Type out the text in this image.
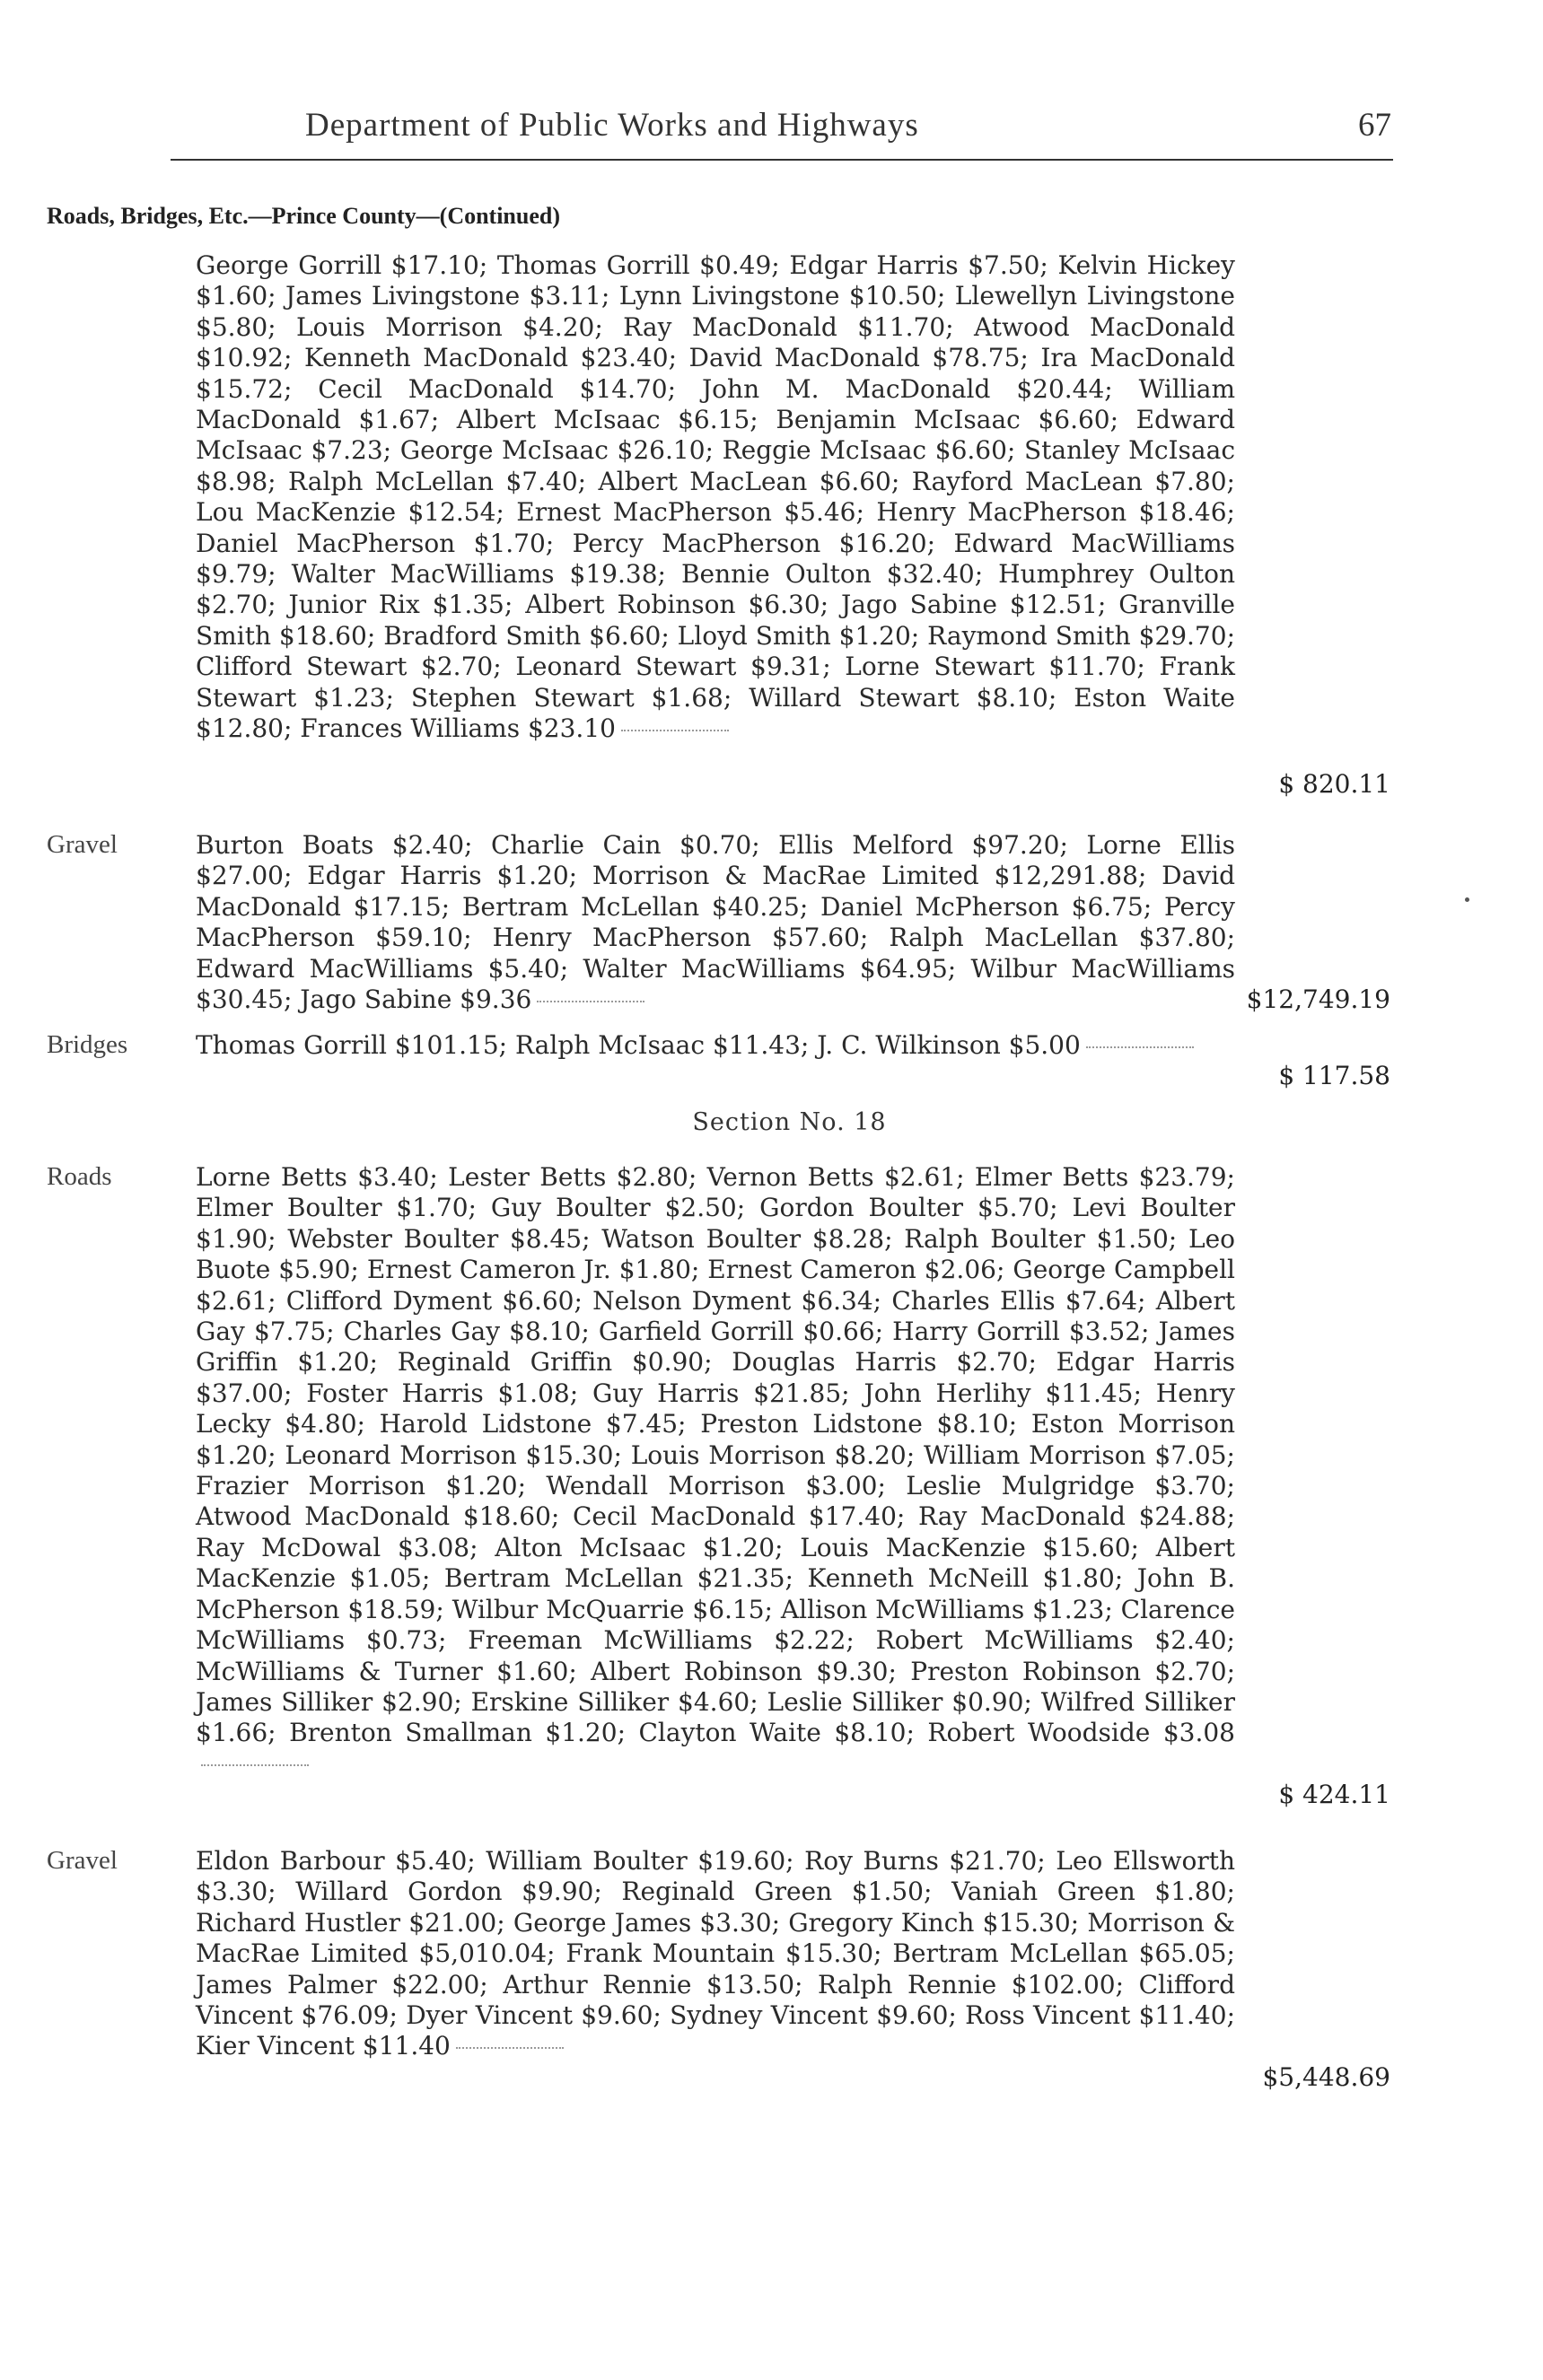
Department of Public Works and Highways	67
Roads, Bridges, Etc.—Prince County—(Continued)
George Gorrill $17.10; Thomas Gorrill $0.49; Edgar Harris $7.50; Kelvin Hickey $1.60; James Livingstone $3.11; Lynn Livingstone $10.50; Llewellyn Livingstone $5.80; Louis Morrison $4.20; Ray MacDonald $11.70; Atwood MacDonald $10.92; Kenneth MacDonald $23.40; David MacDonald $78.75; Ira MacDonald $15.72; Cecil MacDonald $14.70; John M. MacDonald $20.44; William MacDonald $1.67; Albert McIsaac $6.15; Benjamin McIsaac $6.60; Edward McIsaac $7.23; George McIsaac $26.10; Reggie McIsaac $6.60; Stanley McIsaac $8.98; Ralph McLellan $7.40; Albert MacLean $6.60; Rayford MacLean $7.80; Lou MacKenzie $12.54; Ernest MacPherson $5.46; Henry MacPherson $18.46; Daniel MacPherson $1.70; Percy MacPherson $16.20; Edward MacWilliams $9.79; Walter MacWilliams $19.38; Bennie Oulton $32.40; Humphrey Oulton $2.70; Junior Rix $1.35; Albert Robinson $6.30; Jago Sabine $12.51; Granville Smith $18.60; Bradford Smith $6.60; Lloyd Smith $1.20; Raymond Smith $29.70; Clifford Stewart $2.70; Leonard Stewart $9.31; Lorne Stewart $11.70; Frank Stewart $1.23; Stephen Stewart $1.68; Willard Stewart $8.10; Eston Waite $12.80; Frances Williams $23.10
$ 820.11
Gravel	Burton Boats $2.40; Charlie Cain $0.70; Ellis Melford $97.20; Lorne Ellis $27.00; Edgar Harris $1.20; Morrison & MacRae Limited $12,291.88; David MacDonald $17.15; Bertram McLellan $40.25; Daniel McPherson $6.75; Percy MacPherson $59.10; Henry MacPherson $57.60; Ralph MacLellan $37.80; Edward MacWilliams $5.40; Walter MacWilliams $64.95; Wilbur MacWilliams $30.45; Jago Sabine $9.36	$12,749.19
Bridges	Thomas Gorrill $101.15; Ralph McIsaac $11.43; J. C. Wilkinson $5.00
$ 117.58
Section No. 18
Roads	Lorne Betts $3.40; Lester Betts $2.80; Vernon Betts $2.61; Elmer Betts $23.79; Elmer Boulter $1.70; Guy Boulter $2.50; Gordon Boulter $5.70; Levi Boulter $1.90; Webster Boulter $8.45; Watson Boulter $8.28; Ralph Boulter $1.50; Leo Buote $5.90; Ernest Cameron Jr. $1.80; Ernest Cameron $2.06; George Campbell $2.61; Clifford Dyment $6.60; Nelson Dyment $6.34; Charles Ellis $7.64; Albert Gay $7.75; Charles Gay $8.10; Garfield Gorrill $0.66; Harry Gorrill $3.52; James Griffin $1.20; Reginald Griffin $0.90; Douglas Harris $2.70; Edgar Harris $37.00; Foster Harris $1.08; Guy Harris $21.85; John Herlihy $11.45; Henry Lecky $4.80; Harold Lidstone $7.45; Preston Lidstone $8.10; Eston Morrison $1.20; Leonard Morrison $15.30; Louis Morrison $8.20; William Morrison $7.05; Frazier Morrison $1.20; Wendall Morrison $3.00; Leslie Mulgridge $3.70; Atwood MacDonald $18.60; Cecil MacDonald $17.40; Ray MacDonald $24.88; Ray McDowal $3.08; Alton McIsaac $1.20; Louis MacKenzie $15.60; Albert MacKenzie $1.05; Bertram McLellan $21.35; Kenneth McNeill $1.80; John B. McPherson $18.59; Wilbur McQuarrie $6.15; Allison McWilliams $1.23; Clarence McWilliams $0.73; Freeman McWilliams $2.22; Robert McWilliams $2.40; McWilliams & Turner $1.60; Albert Robinson $9.30; Preston Robinson $2.70; James Silliker $2.90; Erskine Silliker $4.60; Leslie Silliker $0.90; Wilfred Silliker $1.66; Brenton Smallman $1.20; Clayton Waite $8.10; Robert Woodside $3.08
$ 424.11
Gravel	Eldon Barbour $5.40; William Boulter $19.60; Roy Burns $21.70; Leo Ellsworth $3.30; Willard Gordon $9.90; Reginald Green $1.50; Vaniah Green $1.80; Richard Hustler $21.00; George James $3.30; Gregory Kinch $15.30; Morrison & MacRae Limited $5,010.04; Frank Mountain $15.30; Bertram McLellan $65.05; James Palmer $22.00; Arthur Rennie $13.50; Ralph Rennie $102.00; Clifford Vincent $76.09; Dyer Vincent $9.60; Sydney Vincent $9.60; Ross Vincent $11.40; Kier Vincent $11.40
$5,448.69
